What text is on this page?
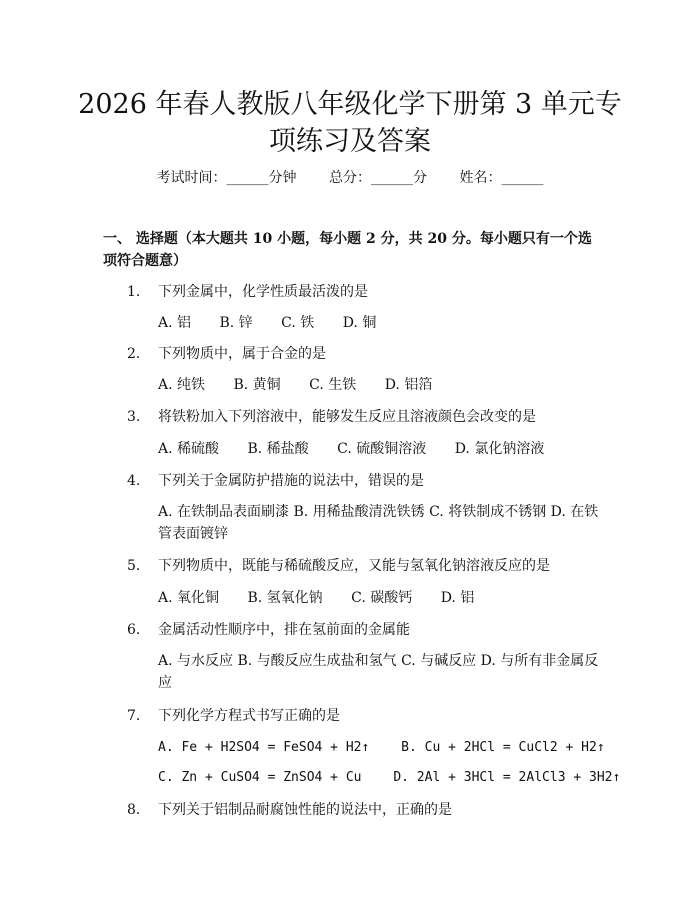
2026 年春人教版八年级化学下册第 3 单元专
项练习及答案
考试时间：______分钟 总分：______分 姓名：______
一、 选择题（本大题共 10 小题，每小题 2 分，共 20 分。每小题只有一个选项符合题意）
1. 下列金属中，化学性质最活泼的是
A. 铝 B. 锌 C. 铁 D. 铜
2. 下列物质中，属于合金的是
A. 纯铁 B. 黄铜 C. 生铁 D. 铝箔
3. 将铁粉加入下列溶液中，能够发生反应且溶液颜色会改变的是
A. 稀硫酸 B. 稀盐酸 C. 硫酸铜溶液 D. 氯化钠溶液
4. 下列关于金属防护措施的说法中，错误的是
A. 在铁制品表面刷漆 B. 用稀盐酸清洗铁锈 C. 将铁制成不锈钢 D. 在铁管表面镀锌
5. 下列物质中，既能与稀硫酸反应，又能与氢氧化钠溶液反应的是
A. 氧化铜 B. 氢氧化钠 C. 碳酸钙 D. 铝
6. 金属活动性顺序中，排在氢前面的金属能
A. 与水反应 B. 与酸反应生成盐和氢气 C. 与碱反应 D. 与所有非金属反应
7. 下列化学方程式书写正确的是
A. Fe + H2SO4 = FeSO4 + H2↑ B. Cu + 2HCl = CuCl2 + H2↑
C. Zn + CuSO4 = ZnSO4 + Cu D. 2Al + 3HCl = 2AlCl3 + 3H2↑
8. 下列关于铝制品耐腐蚀性能的说法中，正确的是
